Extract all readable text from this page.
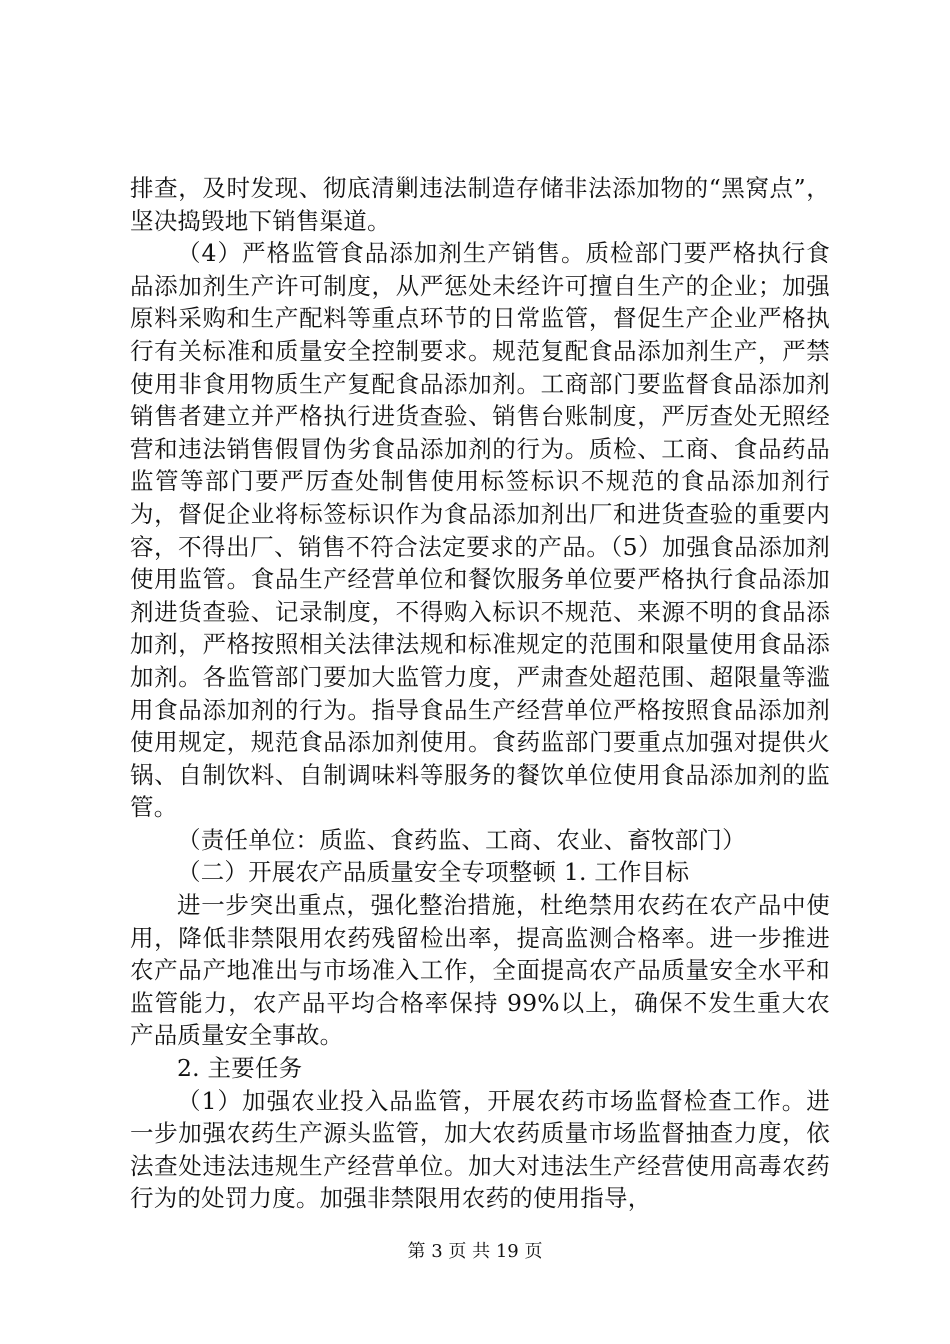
排查，及时发现、彻底清剿违法制造存储非法添加物的“黑窝点”，坚决捣毁地下销售渠道。

（4）严格监管食品添加剂生产销售。质检部门要严格执行食品添加剂生产许可制度，从严惩处未经许可擅自生产的企业；加强原料采购和生产配料等重点环节的日常监管，督促生产企业严格执行有关标准和质量安全控制要求。规范复配食品添加剂生产，严禁使用非食用物质生产复配食品添加剂。工商部门要监督食品添加剂销售者建立并严格执行进货查验、销售台账制度，严厉查处无照经营和违法销售假冒伪劣食品添加剂的行为。质检、工商、食品药品监管等部门要严厉查处制售使用标签标识不规范的食品添加剂行为，督促企业将标签标识作为食品添加剂出厂和进货查验的重要内容，不得出厂、销售不符合法定要求的产品。（5）加强食品添加剂使用监管。食品生产经营单位和餐饮服务单位要严格执行食品添加剂进货查验、记录制度，不得购入标识不规范、来源不明的食品添加剂，严格按照相关法律法规和标准规定的范围和限量使用食品添加剂。各监管部门要加大监管力度，严肃查处超范围、超限量等滥用食品添加剂的行为。指导食品生产经营单位严格按照食品添加剂使用规定，规范食品添加剂使用。食药监部门要重点加强对提供火锅、自制饮料、自制调味料等服务的餐饮单位使用食品添加剂的监管。

（责任单位：质监、食药监、工商、农业、畜牧部门）

（二）开展农产品质量安全专项整顿 1. 工作目标

进一步突出重点，强化整治措施，杜绝禁用农药在农产品中使用，降低非禁限用农药残留检出率，提高监测合格率。进一步推进农产品产地准出与市场准入工作，全面提高农产品质量安全水平和监管能力，农产品平均合格率保持 99%以上，确保不发生重大农产品质量安全事故。

2. 主要任务

（1）加强农业投入品监管，开展农药市场监督检查工作。进一步加强农药生产源头监管，加大农药质量市场监督抽查力度，依法查处违法违规生产经营单位。加大对违法生产经营使用高毒农药行为的处罚力度。加强非禁限用农药的使用指导，

第 3 页 共 19 页
